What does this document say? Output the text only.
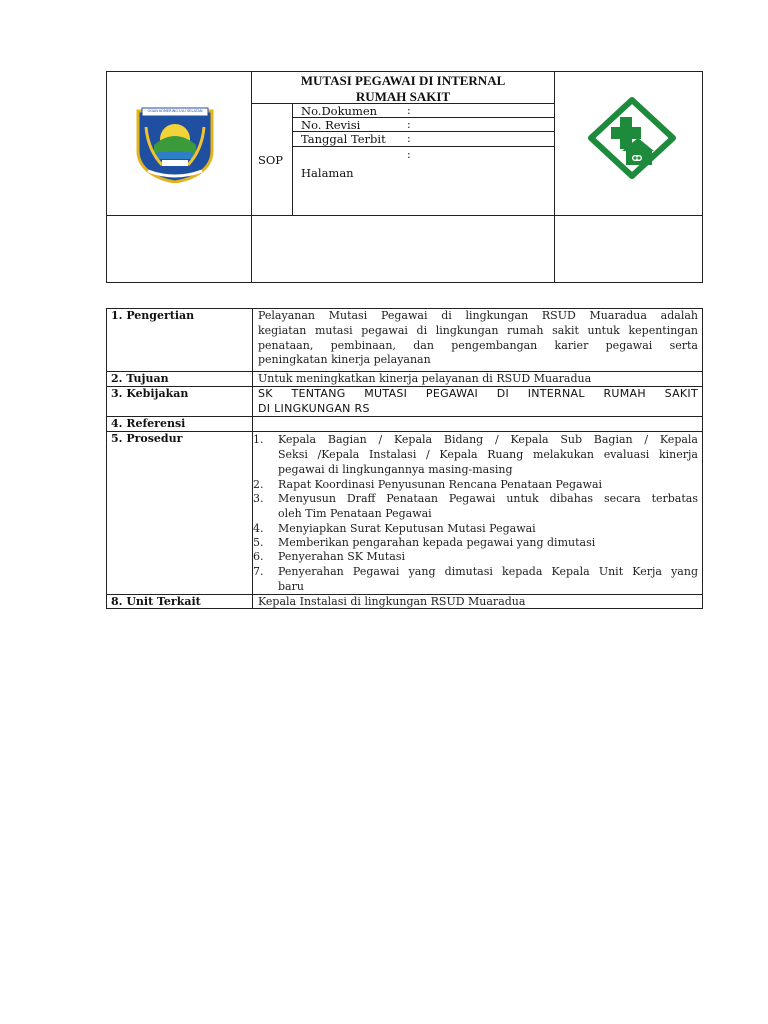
OGAN KOMERING ULU SELATAN
MUTASI PEGAWAI DI INTERNAL
RUMAH SAKIT
SOP
No.Dokumen	:
No. Revisi	:
Tanggal Terbit :
:
Halaman
1. Pengertian	Pelayanan Mutasi Pegawai di lingkungan RSUD Muaradua adalah
kegiatan mutasi pegawai di lingkungan rumah sakit untuk kepentingan
penataan, pembinaan, dan pengembangan karier pegawai serta
peningkatan kinerja pelayanan
2. Tujuan	Untuk meningkatkan kinerja pelayanan di RSUD Muaradua
3. Kebijakan	SK TENTANG MUTASI PEGAWAI DI INTERNAL RUMAH SAKIT
DI LINGKUNGAN RS
4. Referensi
5. Prosedur	1. Kepala Bagian / Kepala Bidang / Kepala Sub Bagian / Kepala
Seksi /Kepala Instalasi / Kepala Ruang melakukan evaluasi kinerja
pegawai di lingkungannya masing-masing
2. Rapat Koordinasi Penyusunan Rencana Penataan Pegawai
3. Menyusun Draff Penataan Pegawai untuk dibahas secara terbatas
oleh Tim Penataan Pegawai
4. Menyiapkan Surat Keputusan Mutasi Pegawai
5. Memberikan pengarahan kepada pegawai yang dimutasi
6. Penyerahan SK Mutasi
7. Penyerahan Pegawai yang dimutasi kepada Kepala Unit Kerja yang
baru
8. Unit Terkait	Kepala Instalasi di lingkungan RSUD Muaradua
